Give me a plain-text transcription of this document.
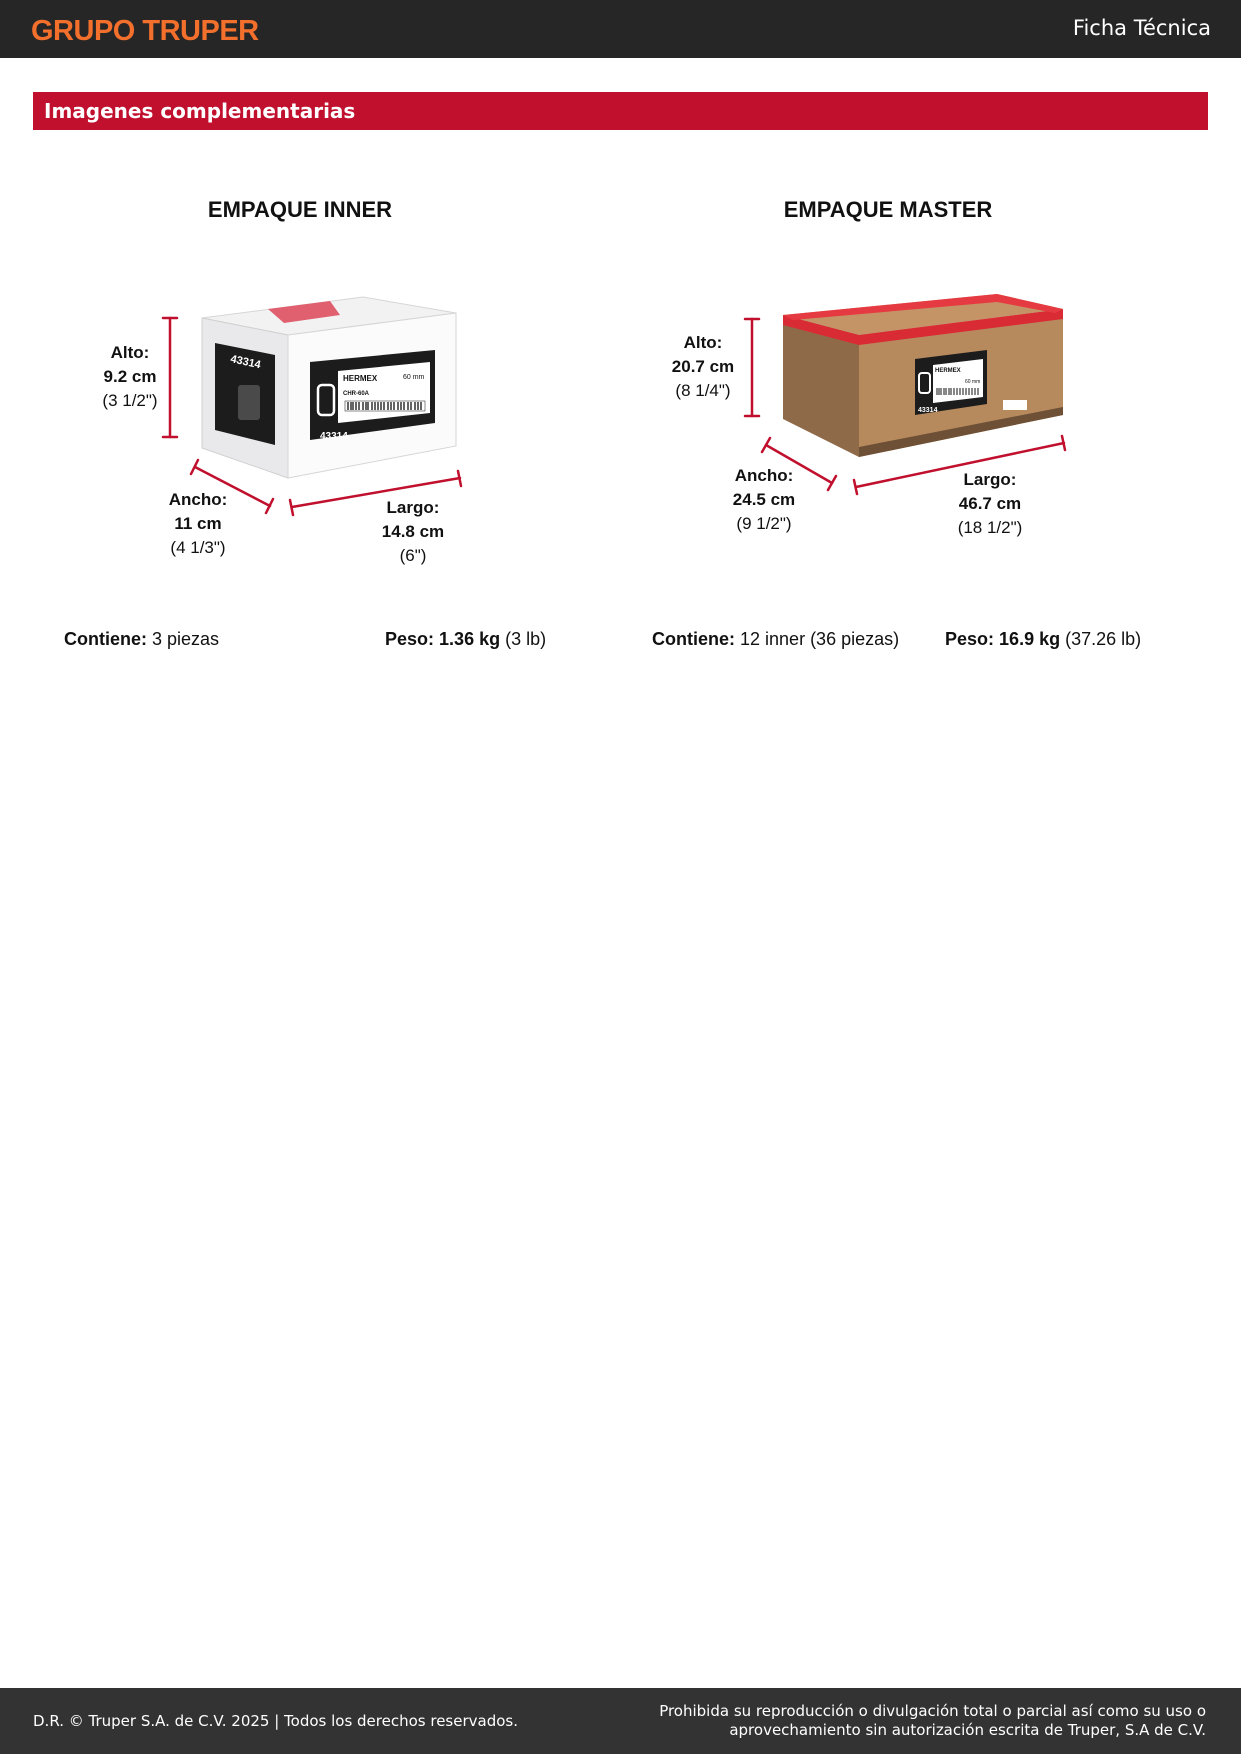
GRUPO TRUPER	Ficha Técnica
Imagenes complementarias
EMPAQUE INNER
43314
HERMEX	60 mm
CHR-60A
43314
Alto:
9.2 cm
(3 1/2")
Ancho:
11 cm
(4 1/3")
Largo:
14.8 cm
(6")
Contiene: 3 piezas	Peso: 1.36 kg (3 lb)
EMPAQUE MASTER
HERMEX
60 mm
43314
Alto:
20.7 cm
(8 1/4")
Ancho:
24.5 cm
(9 1/2")
Largo:
46.7 cm
(18 1/2")
Contiene: 12 inner (36 piezas)	Peso: 16.9 kg (37.26 lb)
D.R. © Truper S.A. de C.V. 2025 | Todos los derechos reservados.
Prohibida su reproducción o divulgación total o parcial así como su uso o
aprovechamiento sin autorización escrita de Truper, S.A de C.V.
